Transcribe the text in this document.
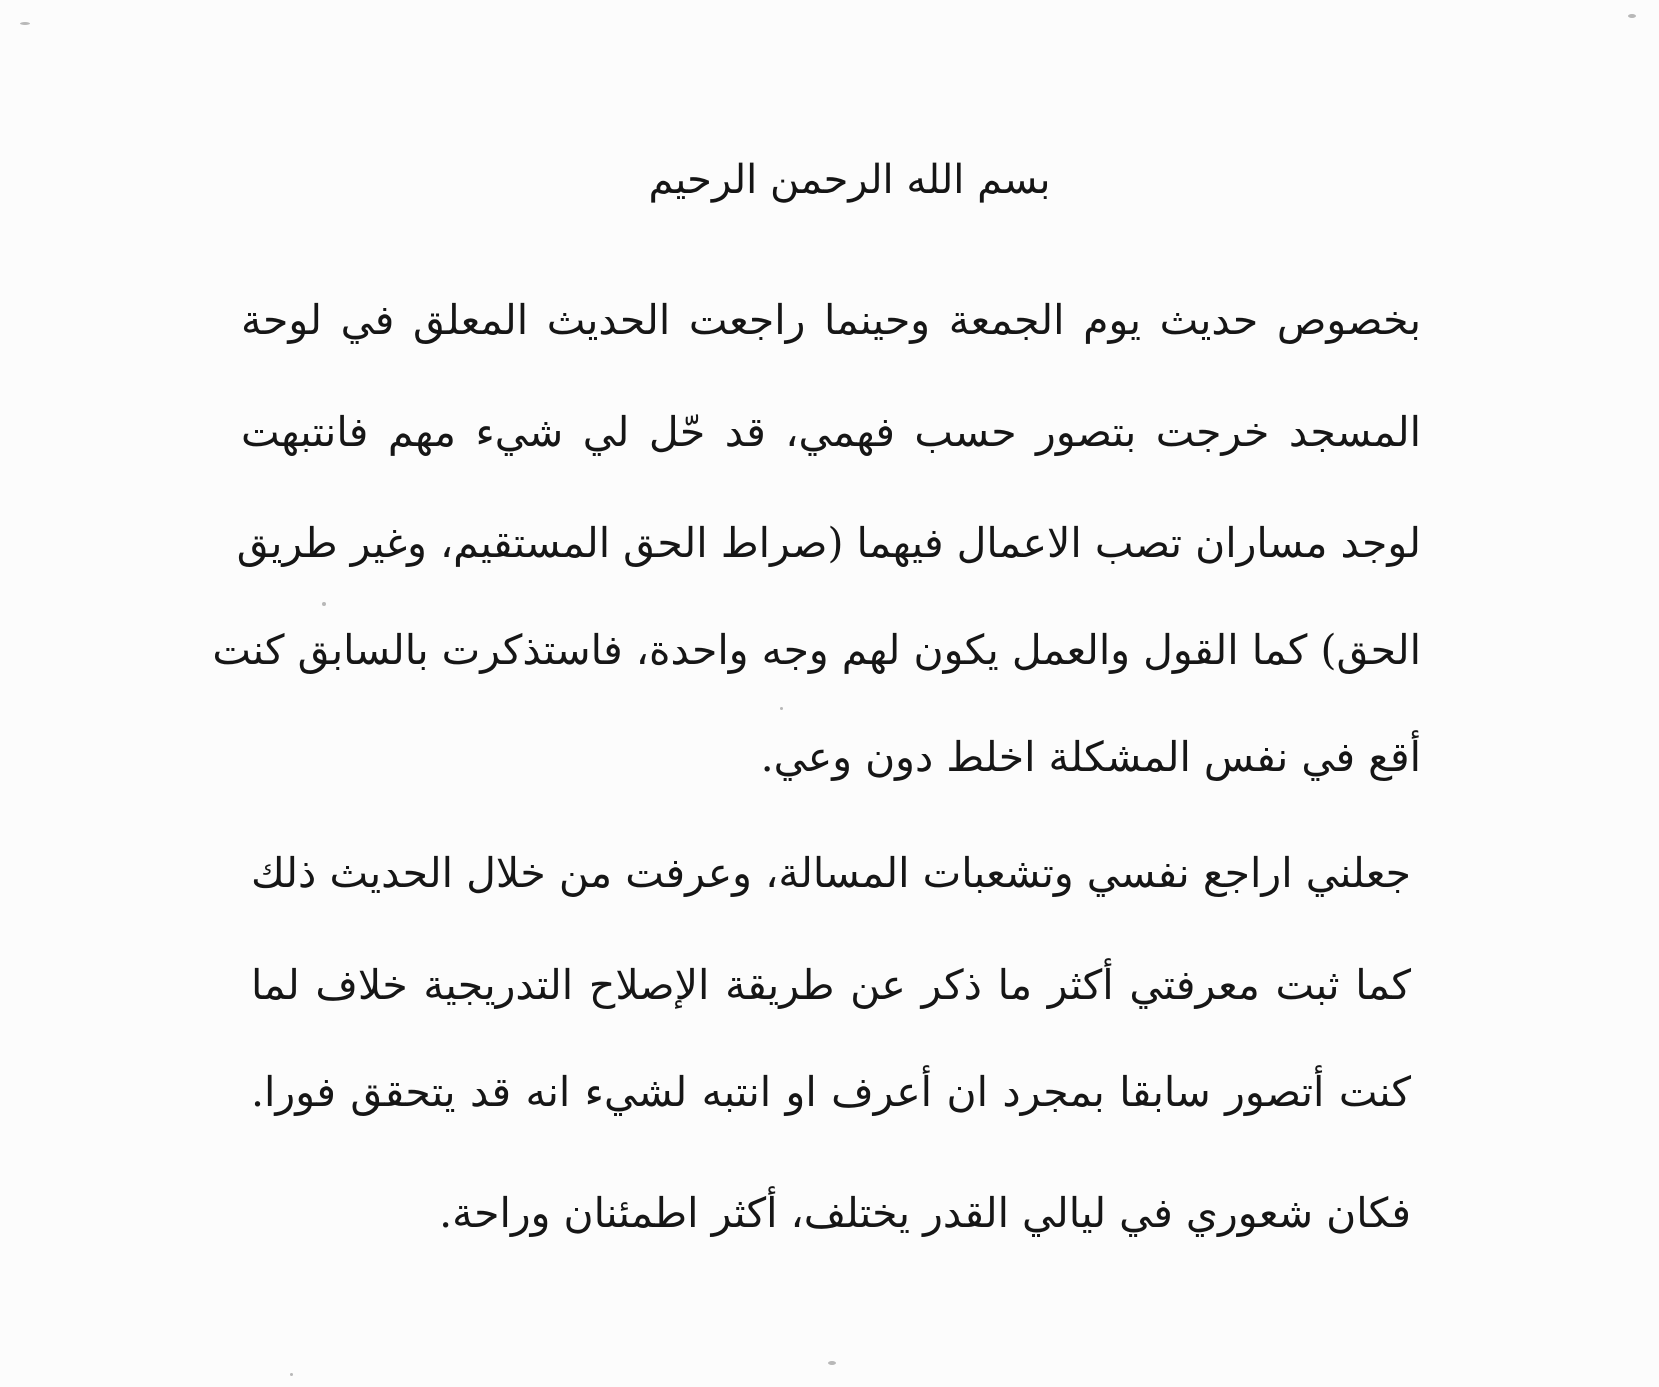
بسم الله الرحمن الرحيم
بخصوص حديث يوم الجمعة وحينما راجعت الحديث المعلق في لوحة
المسجد خرجت بتصور حسب فهمي، قد حّل لي شيء مهم فانتبهت
لوجد مساران تصب الاعمال فيهما (صراط الحق المستقيم، وغير طريق
الحق) كما القول والعمل يكون لهم وجه واحدة، فاستذكرت بالسابق كنت
أقع في نفس المشكلة اخلط دون وعي.
جعلني اراجع نفسي وتشعبات المسالة، وعرفت من خلال الحديث ذلك
كما ثبت معرفتي أكثر ما ذكر عن طريقة الإصلاح التدريجية خلاف لما
كنت أتصور سابقا بمجرد ان أعرف او انتبه لشيء انه قد يتحقق فورا.
فكان شعوري في ليالي القدر يختلف، أكثر اطمئنان وراحة.
